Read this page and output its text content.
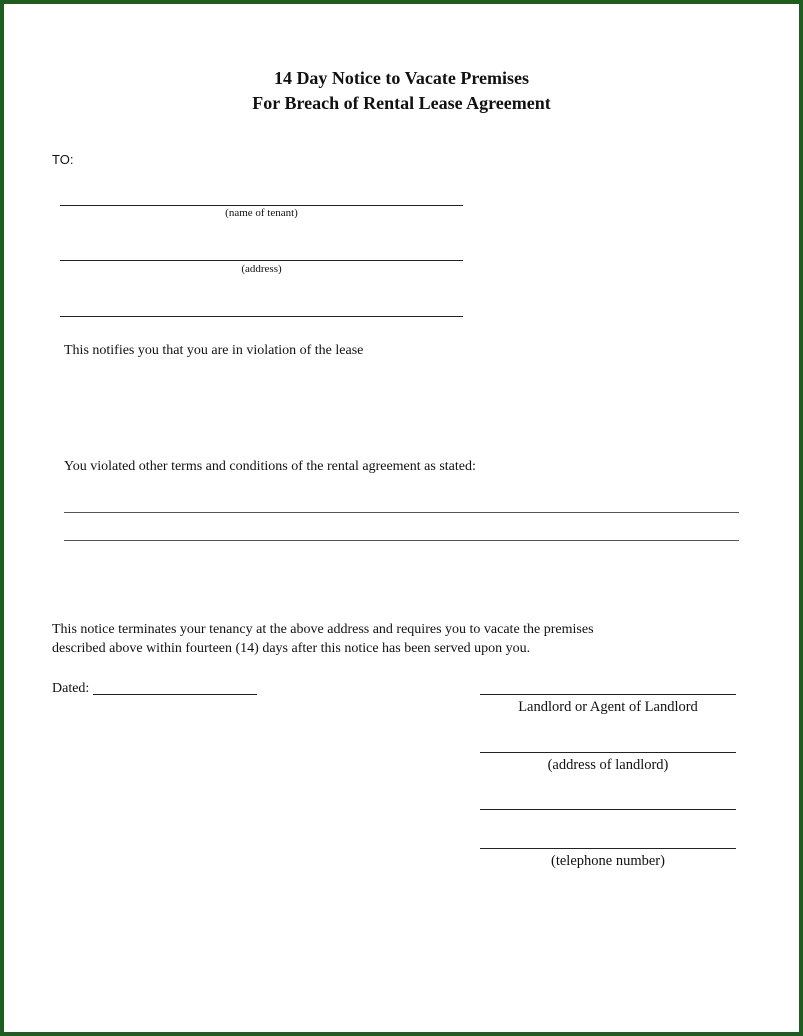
14 Day Notice to Vacate Premises
For Breach of Rental Lease Agreement
TO:
(name of tenant)
(address)
This notifies you that you are in violation of the lease
You violated other terms and conditions of the rental agreement as stated:
This notice terminates your tenancy at the above address and requires you to vacate the premises
described above within fourteen (14) days after this notice has been served upon you.
Dated:
Landlord or Agent of Landlord
(address of landlord)
(telephone number)
